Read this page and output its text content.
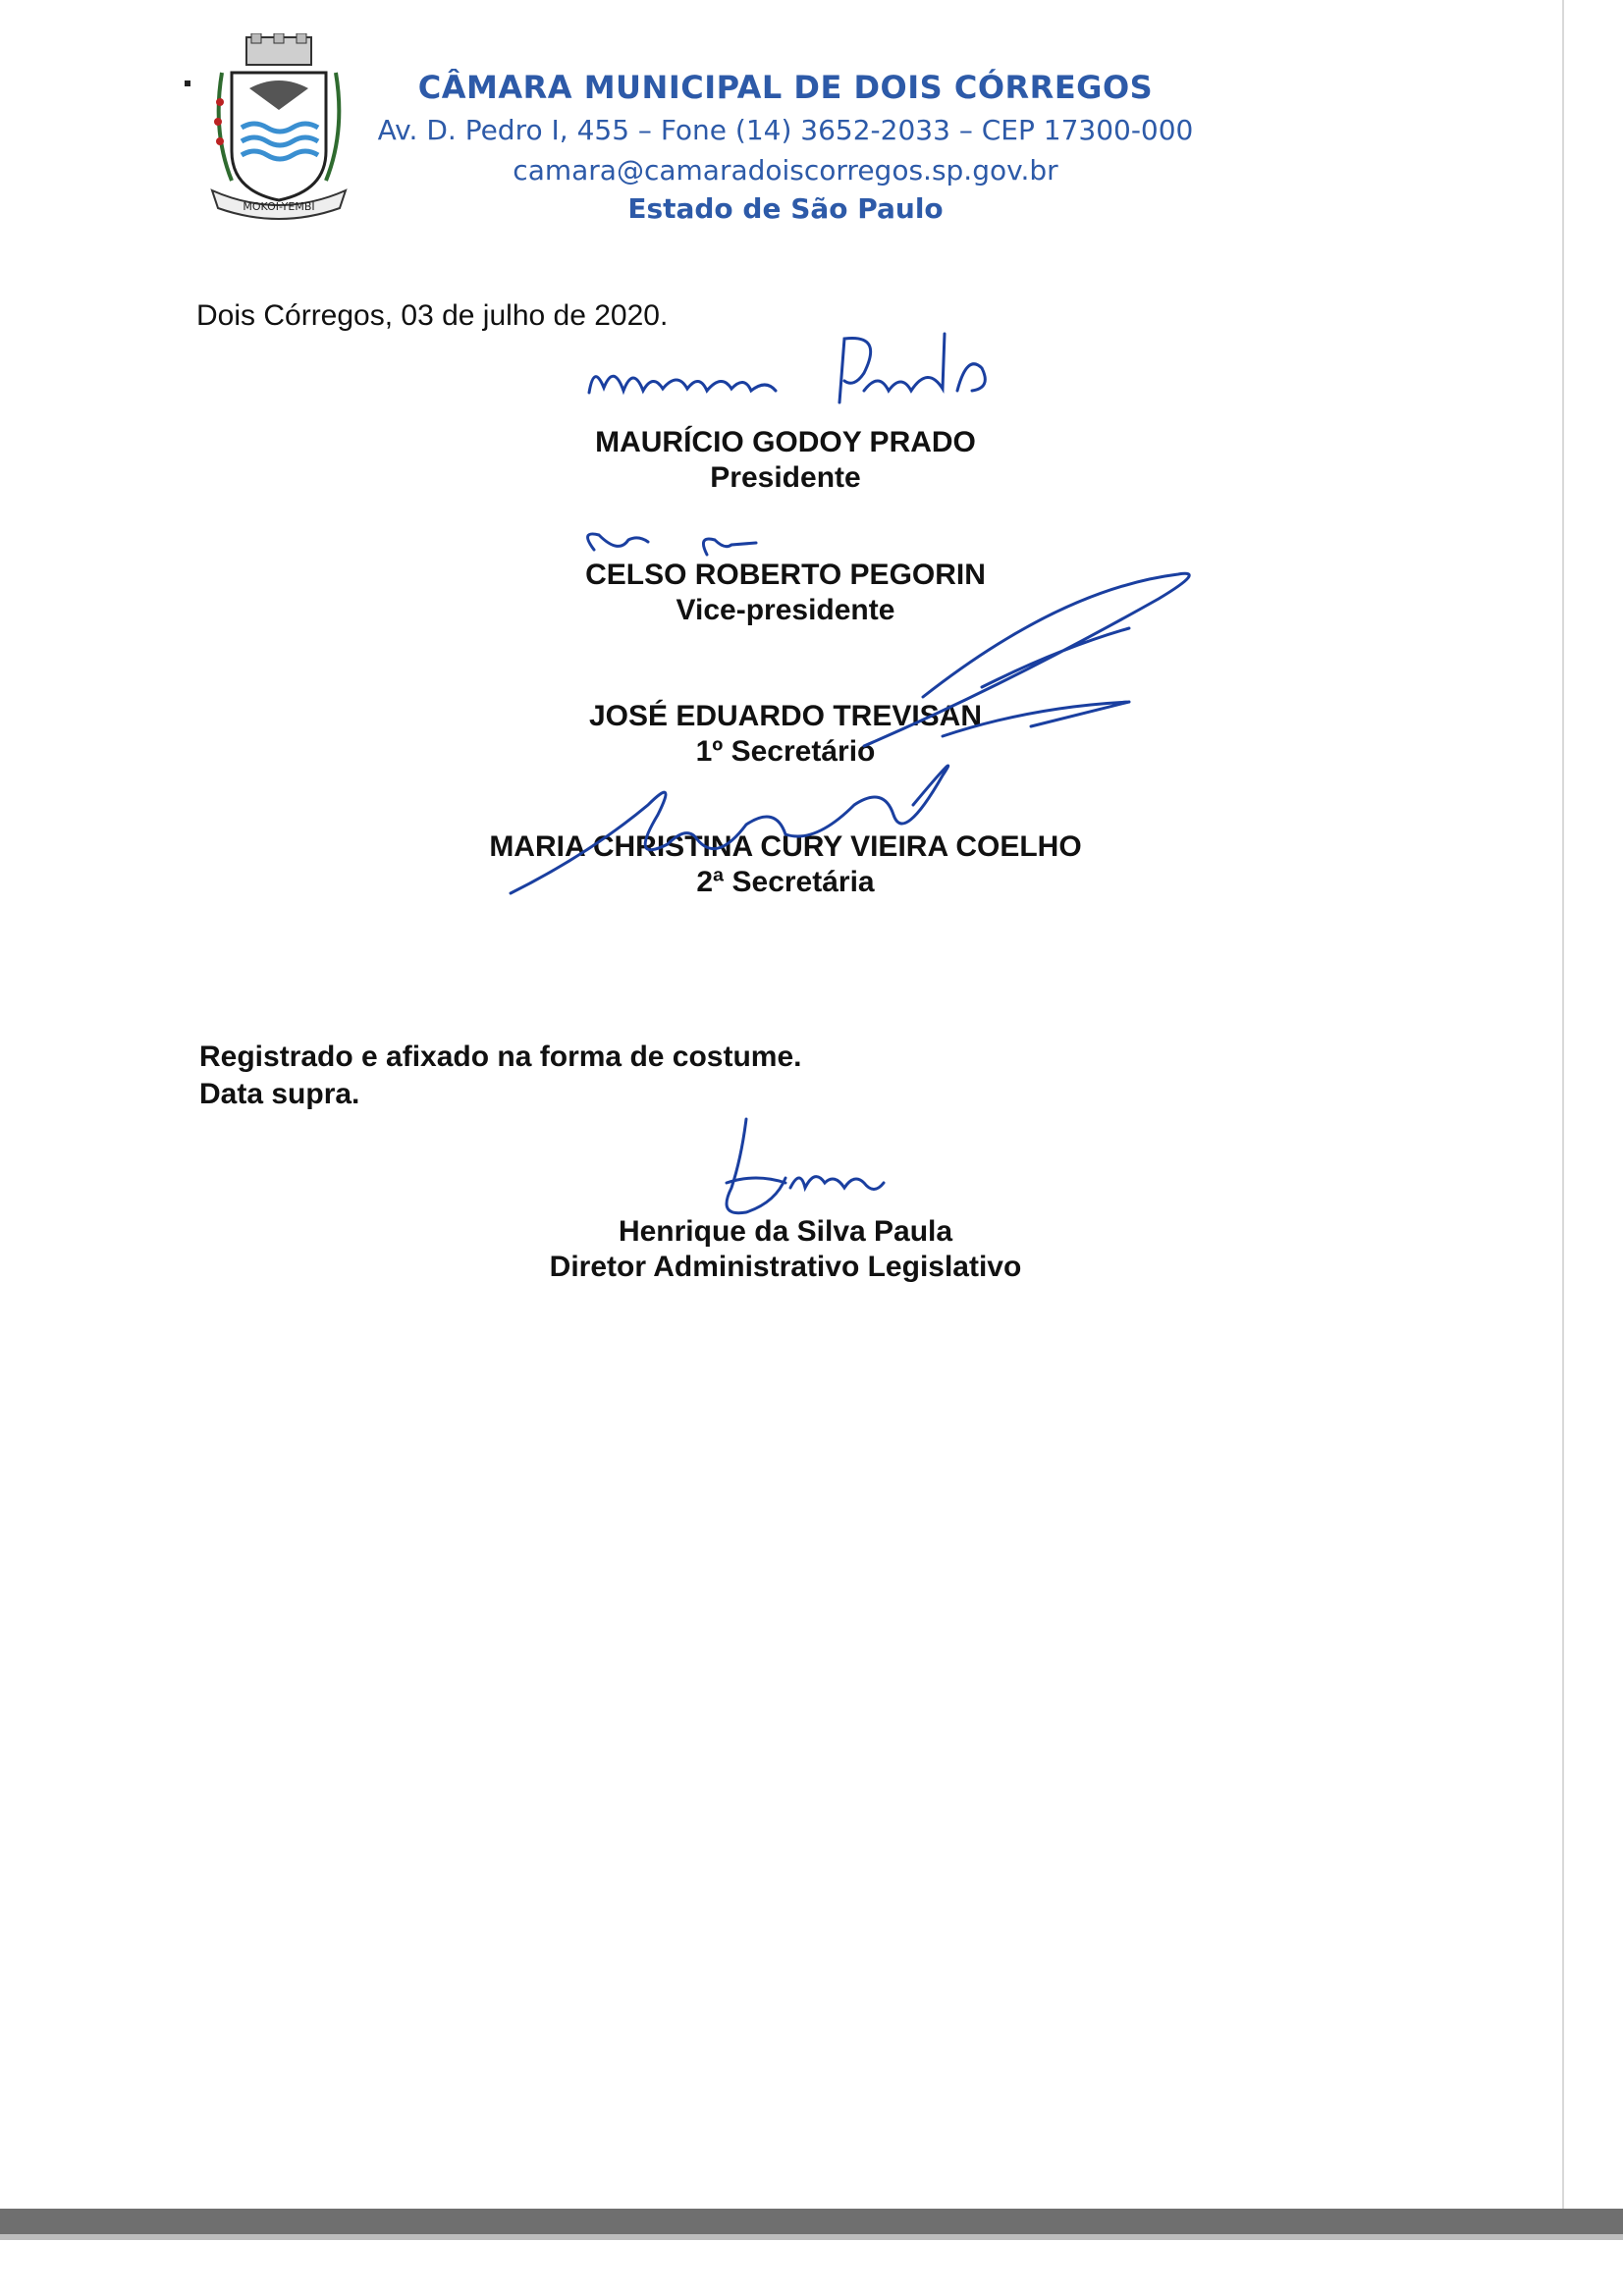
MOKOI-YEMBI
CÂMARA MUNICIPAL DE DOIS CÓRREGOS
Av. D. Pedro I, 455 – Fone (14) 3652-2033 – CEP 17300-000
camara@camaradoiscorregos.sp.gov.br
Estado de São Paulo
Dois Córregos, 03 de julho de 2020.
MAURÍCIO GODOY PRADO
Presidente
CELSO ROBERTO PEGORIN
Vice-presidente
JOSÉ EDUARDO TREVISAN
1º Secretário
MARIA CHRISTINA CURY VIEIRA COELHO
2ª Secretária
Registrado e afixado na forma de costume.
Data supra.
Henrique da Silva Paula
Diretor Administrativo Legislativo
